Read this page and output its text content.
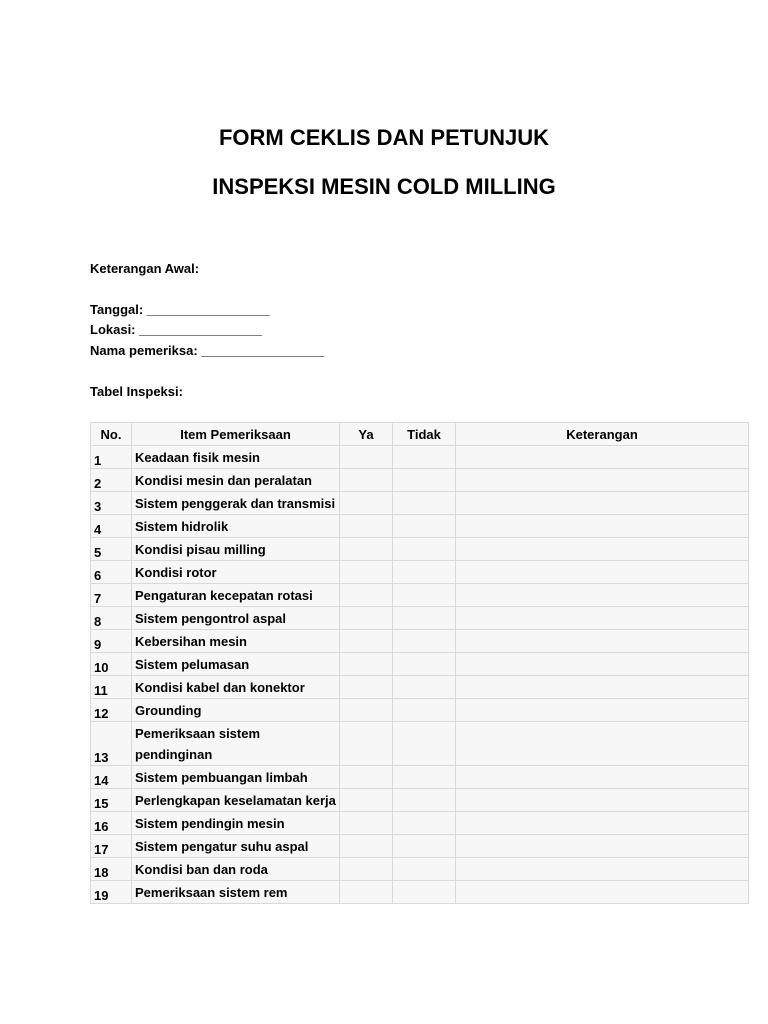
FORM CEKLIS DAN PETUNJUK
INSPEKSI MESIN COLD MILLING
Keterangan Awal:
Tanggal: _________________
Lokasi: _________________
Nama pemeriksa: _________________
Tabel Inspeksi:
No.	Item Pemeriksaan	Ya	Tidak	Keterangan
1	Keadaan fisik mesin			
2	Kondisi mesin dan peralatan			
3	Sistem penggerak dan transmisi			
4	Sistem hidrolik			
5	Kondisi pisau milling			
6	Kondisi rotor			
7	Pengaturan kecepatan rotasi			
8	Sistem pengontrol aspal			
9	Kebersihan mesin			
10	Sistem pelumasan			
11	Kondisi kabel dan konektor			
12	Grounding			
13	Pemeriksaan sistem pendinginan			
14	Sistem pembuangan limbah			
15	Perlengkapan keselamatan kerja			
16	Sistem pendingin mesin			
17	Sistem pengatur suhu aspal			
18	Kondisi ban dan roda			
19	Pemeriksaan sistem rem			
